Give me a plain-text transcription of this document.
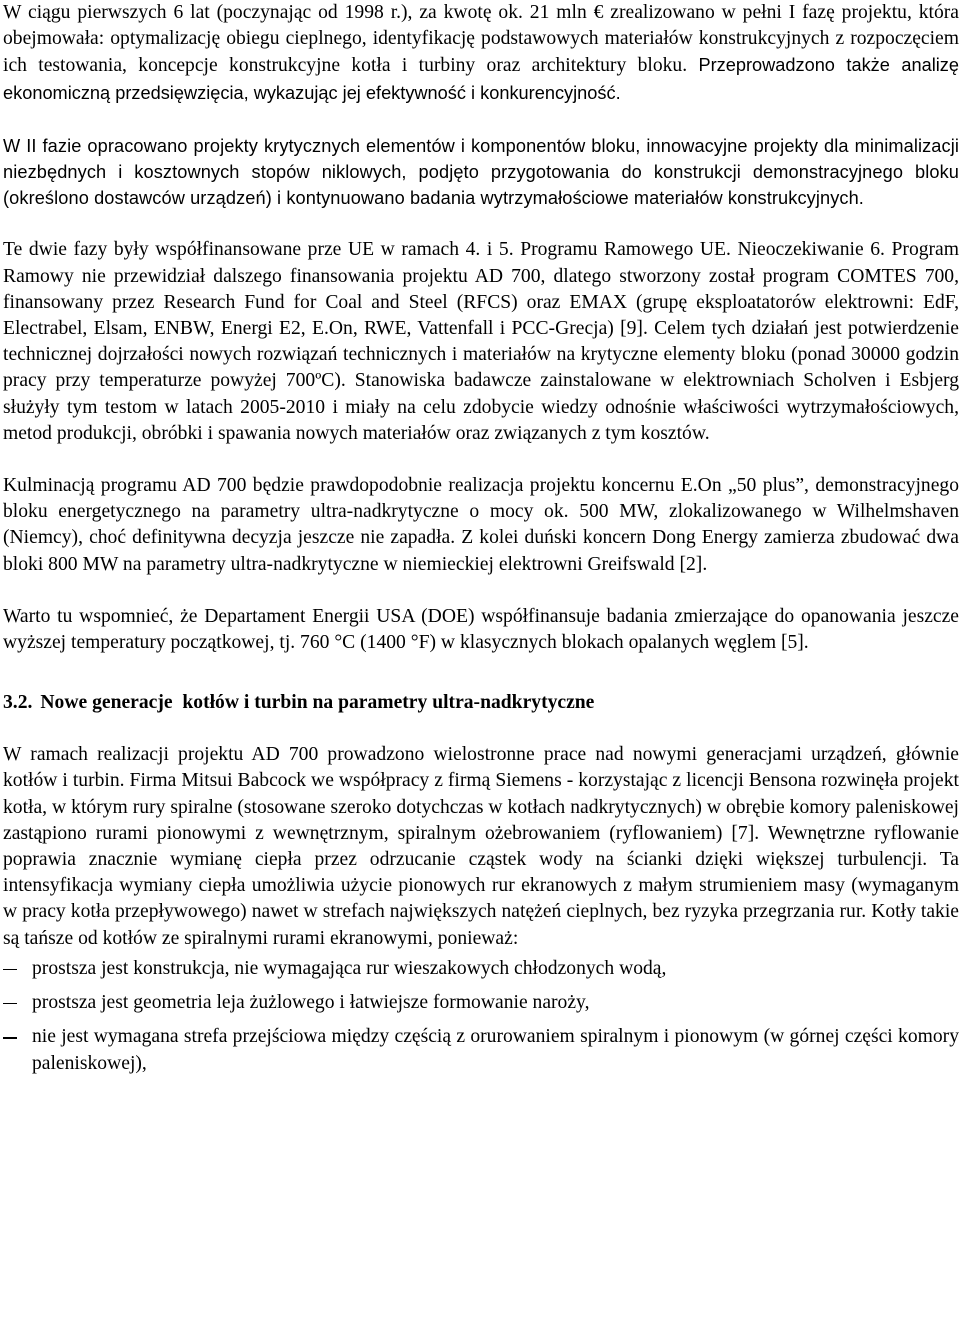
W ciągu pierwszych 6 lat (poczynając od 1998 r.), za kwotę ok. 21 mln € zrealizowano w pełni I fazę projektu, która obejmowała: optymalizację obiegu cieplnego, identyfikację podstawowych materiałów konstrukcyjnych z rozpoczęciem ich testowania, koncepcje konstrukcyjne kotła i turbiny oraz architektury bloku. Przeprowadzono także analizę ekonomiczną przedsięwzięcia, wykazując jej efektywność i konkurencyjność.

W II fazie opracowano projekty krytycznych elementów i komponentów bloku, innowacyjne projekty dla minimalizacji niezbędnych i kosztownych stopów niklowych, podjęto przygotowania do konstrukcji demonstracyjnego bloku (określono dostawców urządzeń) i kontynuowano badania wytrzymałościowe materiałów konstrukcyjnych.

Te dwie fazy były współfinansowane prze UE w ramach 4. i 5. Programu Ramowego UE. Nieoczekiwanie 6. Program Ramowy nie przewidział dalszego finansowania projektu AD 700, dlatego stworzony został program COMTES 700, finansowany przez Research Fund for Coal and Steel (RFCS) oraz EMAX (grupę eksploatatorów elektrowni: EdF, Electrabel, Elsam, ENBW, Energi E2, E.On, RWE, Vattenfall i PCC-Grecja) [9]. Celem tych działań jest potwierdzenie technicznej dojrzałości nowych rozwiązań technicznych i materiałów na krytyczne elementy bloku (ponad 30000 godzin pracy przy temperaturze powyżej 700ºC). Stanowiska badawcze zainstalowane w elektrowniach Scholven i Esbjerg służyły tym testom w latach 2005-2010 i miały na celu zdobycie wiedzy odnośnie właściwości wytrzymałościowych, metod produkcji, obróbki i spawania nowych materiałów oraz związanych z tym kosztów.

Kulminacją programu AD 700 będzie prawdopodobnie realizacja projektu koncernu E.On „50 plus”, demonstracyjnego bloku energetycznego na parametry ultra-nadkrytyczne o mocy ok. 500 MW, zlokalizowanego w Wilhelmshaven (Niemcy), choć definitywna decyzja jeszcze nie zapadła. Z kolei duński koncern Dong Energy zamierza zbudować dwa bloki 800 MW na parametry ultra-nadkrytyczne w niemieckiej elektrowni Greifswald [2].

Warto tu wspomnieć, że Departament Energii USA (DOE) współfinansuje badania zmierzające do opanowania jeszcze wyższej temperatury początkowej, tj. 760 °C (1400 °F) w klasycznych blokach opalanych węglem [5].

3.2. Nowe generacje  kotłów i turbin na parametry ultra-nadkrytyczne

W ramach realizacji projektu AD 700 prowadzono wielostronne prace nad nowymi generacjami urządzeń, głównie kotłów i turbin. Firma Mitsui Babcock we współpracy z firmą Siemens - korzystając z licencji Bensona rozwinęła projekt kotła, w którym rury spiralne (stosowane szeroko dotychczas w kotłach nadkrytycznych) w obrębie komory paleniskowej zastąpiono rurami pionowymi z wewnętrznym, spiralnym ożebrowaniem (ryflowaniem) [7]. Wewnętrzne ryflowanie poprawia znacznie wymianę ciepła przez odrzucanie cząstek wody na ścianki dzięki większej turbulencji. Ta intensyfikacja wymiany ciepła umożliwia użycie pionowych rur ekranowych z małym strumieniem masy (wymaganym w pracy kotła przepływowego) nawet w strefach największych natężeń cieplnych, bez ryzyka przegrzania rur. Kotły takie są tańsze od kotłów ze spiralnymi rurami ekranowymi, ponieważ:

prostsza jest konstrukcja, nie wymagająca rur wieszakowych chłodzonych wodą,
prostsza jest geometria leja żużlowego i łatwiejsze formowanie naroży,
nie jest wymagana strefa przejściowa między częścią z orurowaniem spiralnym i pionowym (w górnej części komory paleniskowej),
